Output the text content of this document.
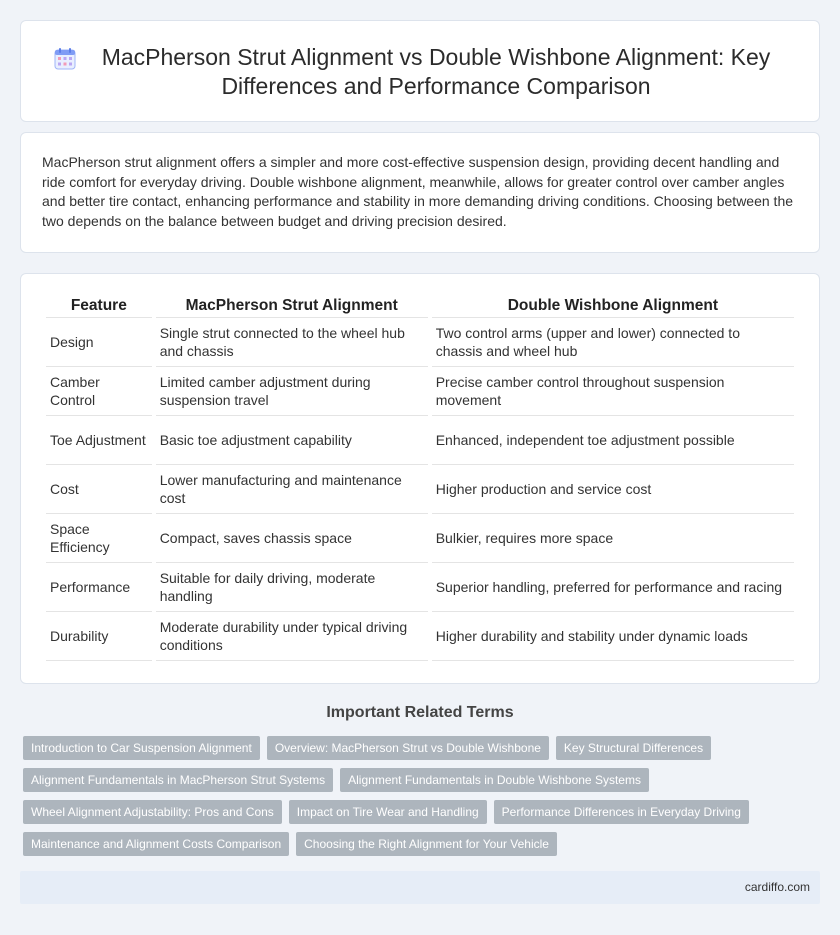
MacPherson Strut Alignment vs Double Wishbone Alignment: Key Differences and Performance Comparison

MacPherson strut alignment offers a simpler and more cost-effective suspension design, providing decent handling and ride comfort for everyday driving. Double wishbone alignment, meanwhile, allows for greater control over camber angles and better tire contact, enhancing performance and stability in more demanding driving conditions. Choosing between the two depends on the balance between budget and driving precision desired.

Feature	MacPherson Strut Alignment	Double Wishbone Alignment
Design	Single strut connected to the wheel hub and chassis	Two control arms (upper and lower) connected to chassis and wheel hub
Camber Control	Limited camber adjustment during suspension travel	Precise camber control throughout suspension movement
Toe Adjustment	Basic toe adjustment capability	Enhanced, independent toe adjustment possible
Cost	Lower manufacturing and maintenance cost	Higher production and service cost
Space Efficiency	Compact, saves chassis space	Bulkier, requires more space
Performance	Suitable for daily driving, moderate handling	Superior handling, preferred for performance and racing
Durability	Moderate durability under typical driving conditions	Higher durability and stability under dynamic loads
Important Related Terms
Introduction to Car Suspension Alignment	Overview: MacPherson Strut vs Double Wishbone	Key Structural Differences
Alignment Fundamentals in MacPherson Strut Systems	Alignment Fundamentals in Double Wishbone Systems
Wheel Alignment Adjustability: Pros and Cons	Impact on Tire Wear and Handling	Performance Differences in Everyday Driving
Maintenance and Alignment Costs Comparison	Choosing the Right Alignment for Your Vehicle
cardiffo.com
